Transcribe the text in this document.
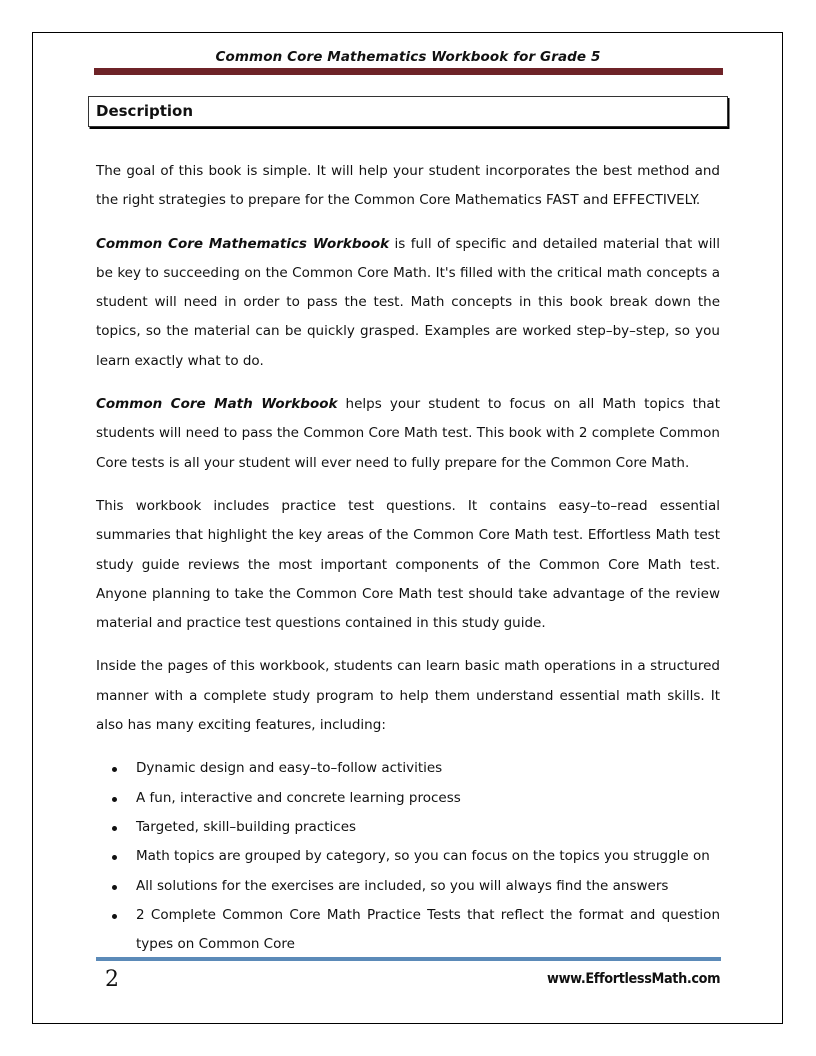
Common Core Mathematics Workbook for Grade 5
Description

The goal of this book is simple. It will help your student incorporates the best method and the right strategies to prepare for the Common Core Mathematics FAST and EFFECTIVELY.

Common Core Mathematics Workbook is full of specific and detailed material that will be key to succeeding on the Common Core Math. It's filled with the critical math concepts a student will need in order to pass the test. Math concepts in this book break down the topics, so the material can be quickly grasped. Examples are worked step–by–step, so you learn exactly what to do.

Common Core Math Workbook helps your student to focus on all Math topics that students will need to pass the Common Core Math test. This book with 2 complete Common Core tests is all your student will ever need to fully prepare for the Common Core Math.

This workbook includes practice test questions. It contains easy–to–read essential summaries that highlight the key areas of the Common Core Math test. Effortless Math test study guide reviews the most important components of the Common Core Math test. Anyone planning to take the Common Core Math test should take advantage of the review material and practice test questions contained in this study guide.

Inside the pages of this workbook, students can learn basic math operations in a structured manner with a complete study program to help them understand essential math skills. It also has many exciting features, including:

Dynamic design and easy–to–follow activities
A fun, interactive and concrete learning process
Targeted, skill–building practices
Math topics are grouped by category, so you can focus on the topics you struggle on
All solutions for the exercises are included, so you will always find the answers
2 Complete Common Core Math Practice Tests that reflect the format and question types on Common Core
2	www.EffortlessMath.com
